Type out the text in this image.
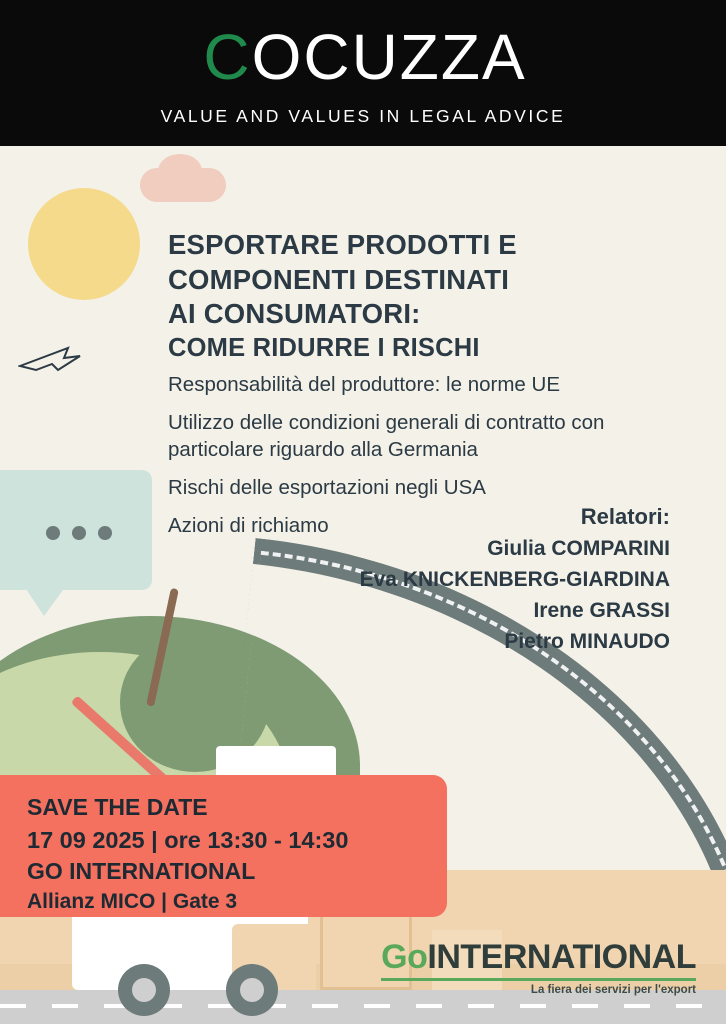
COCUZZA
VALUE AND VALUES IN LEGAL ADVICE
ESPORTARE PRODOTTI E
COMPONENTI DESTINATI
AI CONSUMATORI:
COME RIDURRE I RISCHI

Responsabilità del produttore: le norme UE

Utilizzo delle condizioni generali di contratto con particolare riguardo alla Germania

Rischi delle esportazioni negli USA

Azioni di richiamo	Relatori:
Giulia COMPARINI
Eva KNICKENBERG-GIARDINA
Irene GRASSI
Pietro MINAUDO
SAVE THE DATE
17 09 2025 | ore 13:30 - 14:30
GO INTERNATIONAL
Allianz MICO | Gate 3
GoINTERNATIONAL
La fiera dei servizi per l'export
